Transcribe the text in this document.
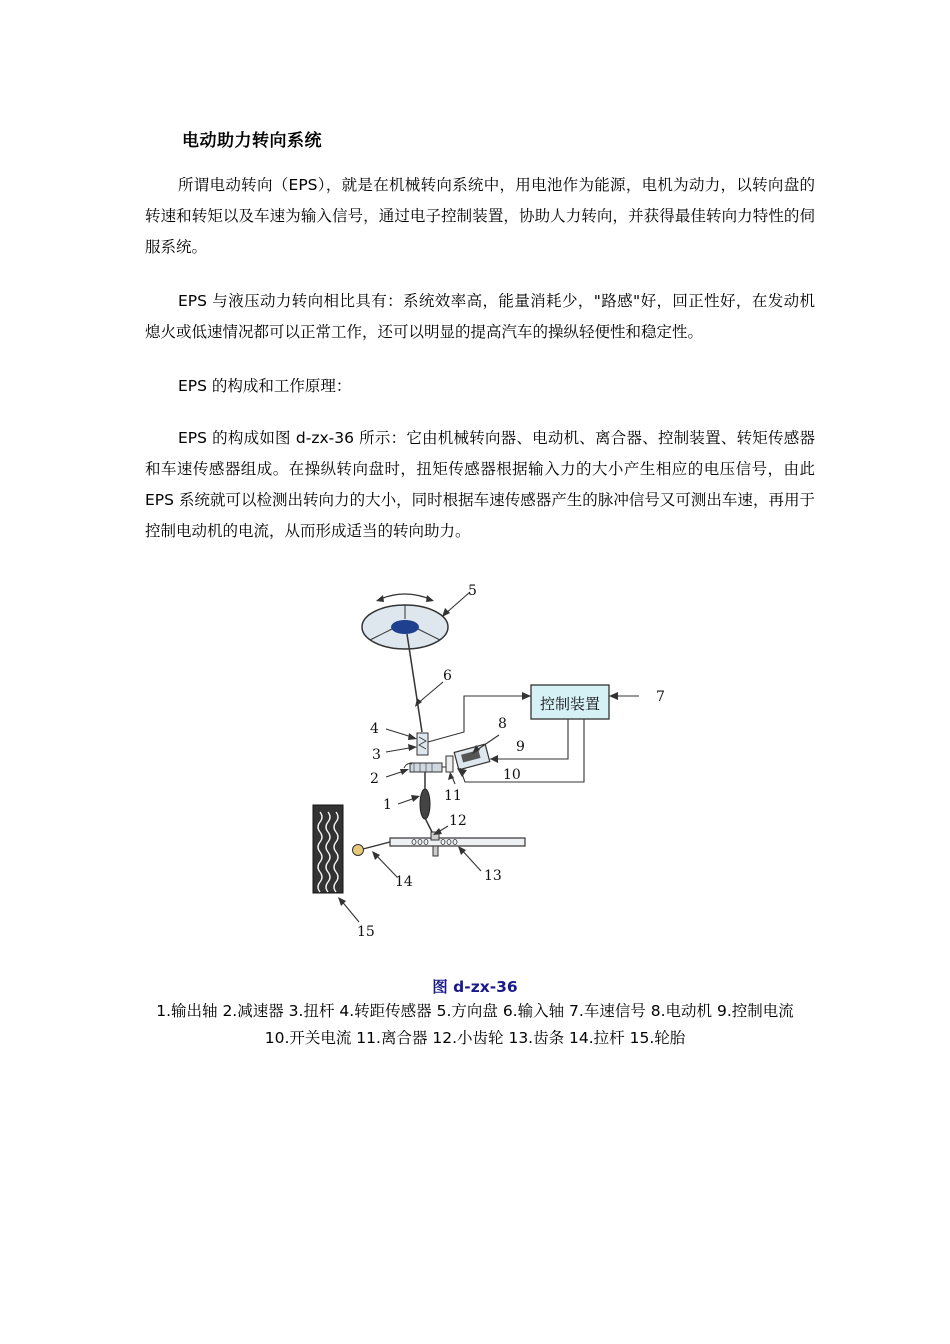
电动助力转向系统
所谓电动转向（EPS），就是在机械转向系统中，用电池作为能源，电机为动力，以转向盘的转速和转矩以及车速为输入信号，通过电子控制装置，协助人力转向，并获得最佳转向力特性的伺服系统。
EPS 与液压动力转向相比具有：系统效率高，能量消耗少，"路感"好，回正性好，在发动机熄火或低速情况都可以正常工作，还可以明显的提高汽车的操纵轻便性和稳定性。
EPS 的构成和工作原理：
EPS 的构成如图 d-zx-36 所示：它由机械转向器、电动机、离合器、控制装置、转矩传感器和车速传感器组成。在操纵转向盘时，扭矩传感器根据输入力的大小产生相应的电压信号，由此 EPS 系统就可以检测出转向力的大小，同时根据车速传感器产生的脉冲信号又可测出车速，再用于控制电动机的电流，从而形成适当的转向助力。
控制装置
5
6
7
4	8
3	9
2	10
1
11
12
13
14
15
图 d-zx-36
1.输出轴 2.减速器 3.扭杆 4.转距传感器 5.方向盘 6.输入轴 7.车速信号 8.电动机 9.控制电流 10.开关电流 11.离合器 12.小齿轮 13.齿条 14.拉杆 15.轮胎
